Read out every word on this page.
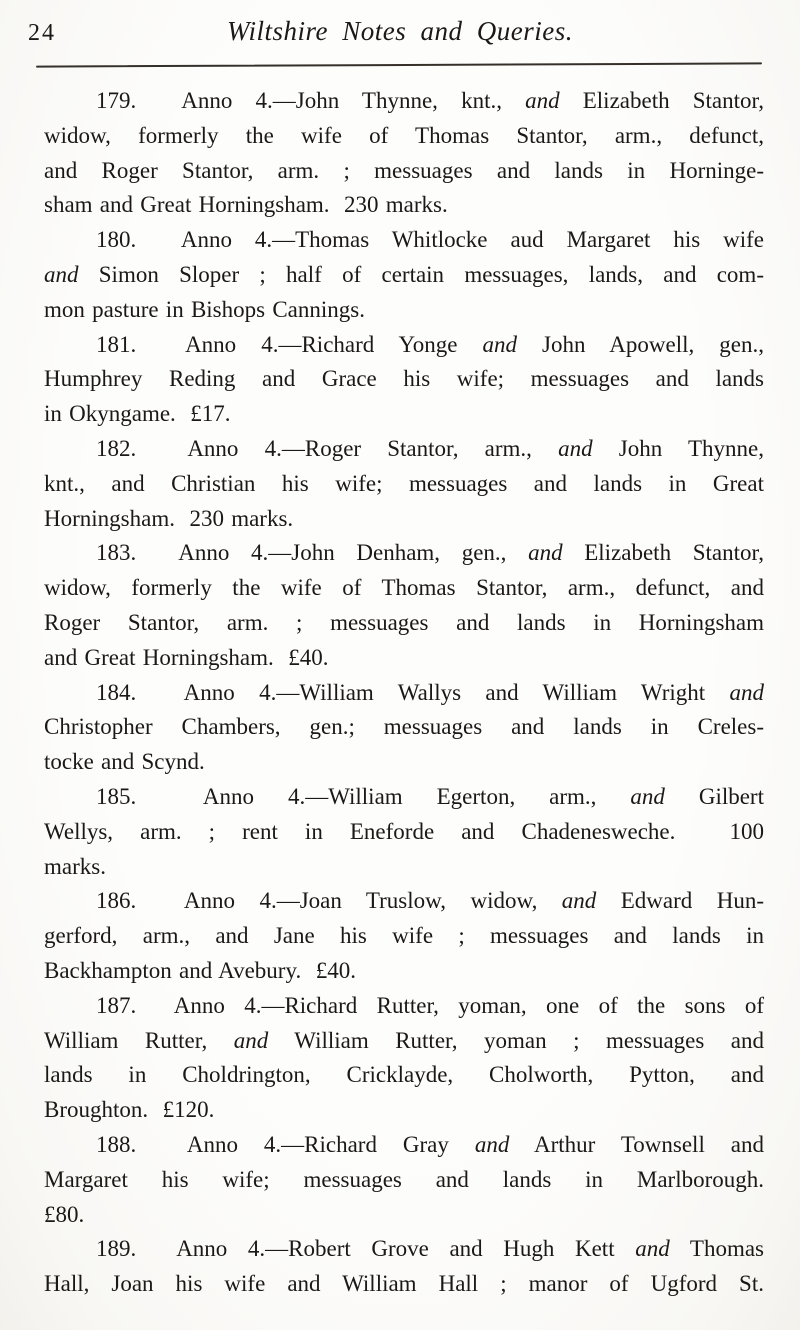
24	Wiltshire Notes and Queries.
179.  Anno 4.—John Thynne, knt., and Elizabeth Stantor,
widow, formerly the wife of Thomas Stantor, arm., defunct,
and Roger Stantor, arm. ; messuages and lands in Horninge-
sham and Great Horningsham.  230 marks.
180.  Anno 4.—Thomas Whitlocke aud Margaret his wife
and Simon Sloper ; half of certain messuages, lands, and com-
mon pasture in Bishops Cannings.
181.  Anno 4.—Richard Yonge and John Apowell, gen.,
Humphrey Reding and Grace his wife; messuages and lands
in Okyngame.  £17.
182.  Anno 4.—Roger Stantor, arm., and John Thynne,
knt., and Christian his wife; messuages and lands in Great
Horningsham.  230 marks.
183.  Anno 4.—John Denham, gen., and Elizabeth Stantor,
widow, formerly the wife of Thomas Stantor, arm., defunct, and
Roger Stantor, arm. ; messuages and lands in Horningsham
and Great Horningsham.  £40.
184.  Anno 4.—William Wallys and William Wright and
Christopher Chambers, gen.; messuages and lands in Creles-
tocke and Scynd.
185.  Anno 4.—William Egerton, arm., and Gilbert
Wellys, arm. ; rent in Eneforde and Chadenesweche.  100
marks.
186.  Anno 4.—Joan Truslow, widow, and Edward Hun-
gerford, arm., and Jane his wife ; messuages and lands in
Backhampton and Avebury.  £40.
187.  Anno 4.—Richard Rutter, yoman, one of the sons of
William Rutter, and William Rutter, yoman ; messuages and
lands in Choldrington, Cricklayde, Cholworth, Pytton, and
Broughton.  £120.
188.  Anno 4.—Richard Gray and Arthur Townsell and
Margaret his wife; messuages and lands in Marlborough.
£80.
189.  Anno 4.—Robert Grove and Hugh Kett and Thomas
Hall, Joan his wife and William Hall ; manor of Ugford St.
